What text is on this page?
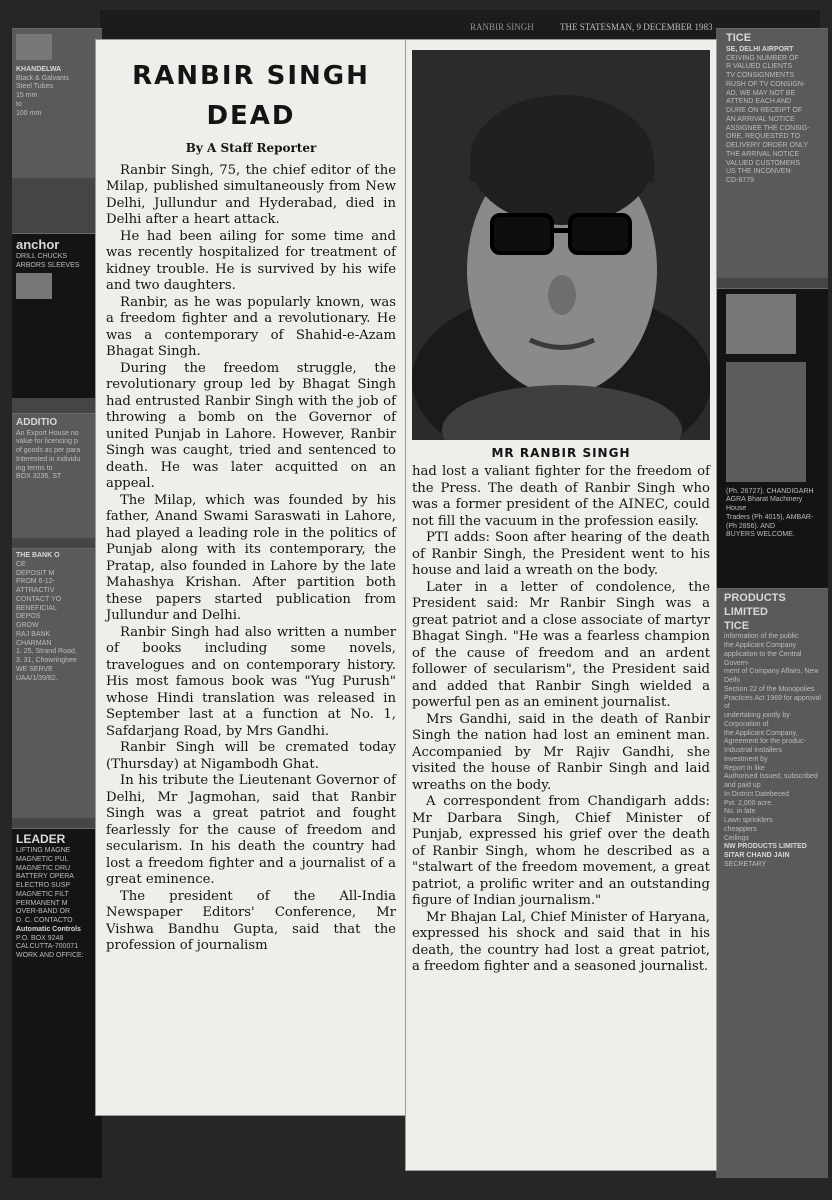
RANBIR SINGH	THE STATESMAN, 9 DECEMBER 1983
KHANDELWA
Black & Galvanis
Steel Tubes
15 mm
to
100 mm
anchor
DRILL CHUCKS
ARBORS SLEEVES
ADDITIO
An Export House no
value for licencing p
of goods as per para
Interested in individu
ing terms to
BOX 3235, ST
THE BANK O
CE
DEPOSIT M
FROM 6-12-
ATTRACTIV
CONTACT YO
BENEFICIAL
DEPOS
GROW
RAJ BANK
CHARMAN
1. 25, Strand Road,
3. 31, Chowringhee
WE SERVE
UAA/1/39/82.
LEADER
LIFTING MAGNE
MAGNETIC PUL
MAGNETIC DRU
BATTERY OPERA
ELECTRO SUSP
MAGNETIC FILT
PERMANENT M
OVER-BAND OR
D. C. CONTACTO
Automatic Controls
P.O. BOX 9248
CALCUTTA-700071 WORK AND OFFICE:
TICE
SE, DELHI AIRPORT
CEIVING NUMBER OF
R VALUED CLIENTS
TV CONSIGNMENTS
RUSH OF TV CONSIGN-
AD, WE MAY NOT BE
ATTEND EACH AND
DURE ON RECEIPT OF
AN ARRIVAL NOTICE
ASSIGNEE THE CONSIG-
ORE, REQUESTED TO
DELIVERY ORDER ONLY
THE ARRIVAL NOTICE
VALUED CUSTOMERS
US THE INCONVEN-
CD-8779

(Ph. 26727). CHANDIGARH
AGRA Bharat Machinery House
Traders (Ph 4015), AMBAR-
(Ph 2856). AND
BUYERS WELCOME.
PRODUCTS LIMITED
TICE
information of the public
the Applicant Company
application to the Central Govern-
ment of Company Affairs, New Delhi
Section 22 of the Monopolies
Practices Act 1969 for approval of
undertaking jointly by
Corporation of
the Applicant Company,
Agreement for the produc-
Industrial installers
Investment by
Report in like
Authorised Issued, subscribed and paid up
In District Datebeced
Pvt. 2,000 acre.
No. in late
Lawn sprinklers
cheappers
Ceilings
NW PRODUCTS LIMITED
SITAR CHAND JAIN
SECRETARY
RANBIR SINGH
DEAD
By A Staff Reporter

Ranbir Singh, 75, the chief editor of the Milap, published simultaneously from New Delhi, Jullundur and Hyderabad, died in Delhi after a heart attack.

He had been ailing for some time and was recently hospitalized for treatment of kidney trouble. He is survived by his wife and two daughters.

Ranbir, as he was popularly known, was a freedom fighter and a revolutionary. He was a contemporary of Shahid-e-Azam Bhagat Singh.

During the freedom struggle, the revolutionary group led by Bhagat Singh had entrusted Ranbir Singh with the job of throwing a bomb on the Governor of united Punjab in Lahore. However, Ranbir Singh was caught, tried and sentenced to death. He was later acquitted on an appeal.

The Milap, which was founded by his father, Anand Swami Saraswati in Lahore, had played a leading role in the politics of Punjab along with its contemporary, the Pratap, also founded in Lahore by the late Mahashya Krishan. After partition both these papers started publication from Jullundur and Delhi.

Ranbir Singh had also written a number of books including some novels, travelogues and on contemporary history. His most famous book was "Yug Purush" whose Hindi translation was released in September last at a function at No. 1, Safdarjang Road, by Mrs Gandhi.

Ranbir Singh will be cremated today (Thursday) at Nigambodh Ghat.

In his tribute the Lieutenant Governor of Delhi, Mr Jagmohan, said that Ranbir Singh was a great patriot and fought fearlessly for the cause of freedom and secularism. In his death the country had lost a freedom fighter and a journalist of a great eminence.

The president of the All-India Newspaper Editors' Conference, Mr Vishwa Bandhu Gupta, said that the profession of journalism

MR RANBIR SINGH

had lost a valiant fighter for the freedom of the Press. The death of Ranbir Singh who was a former president of the AINEC, could not fill the vacuum in the profession easily.

PTI adds: Soon after hearing of the death of Ranbir Singh, the President went to his house and laid a wreath on the body.

Later in a letter of condolence, the President said: Mr Ranbir Singh was a great patriot and a close associate of martyr Bhagat Singh. "He was a fearless champion of the cause of freedom and an ardent follower of secularism", the President said and added that Ranbir Singh wielded a powerful pen as an eminent journalist.

Mrs Gandhi, said in the death of Ranbir Singh the nation had lost an eminent man. Accompanied by Mr Rajiv Gandhi, she visited the house of Ranbir Singh and laid wreaths on the body.

A correspondent from Chandigarh adds: Mr Darbara Singh, Chief Minister of Punjab, expressed his grief over the death of Ranbir Singh, whom he described as a "stalwart of the freedom movement, a great patriot, a prolific writer and an outstanding figure of Indian journalism."

Mr Bhajan Lal, Chief Minister of Haryana, expressed his shock and said that in his death, the country had lost a great patriot, a freedom fighter and a seasoned journalist.
